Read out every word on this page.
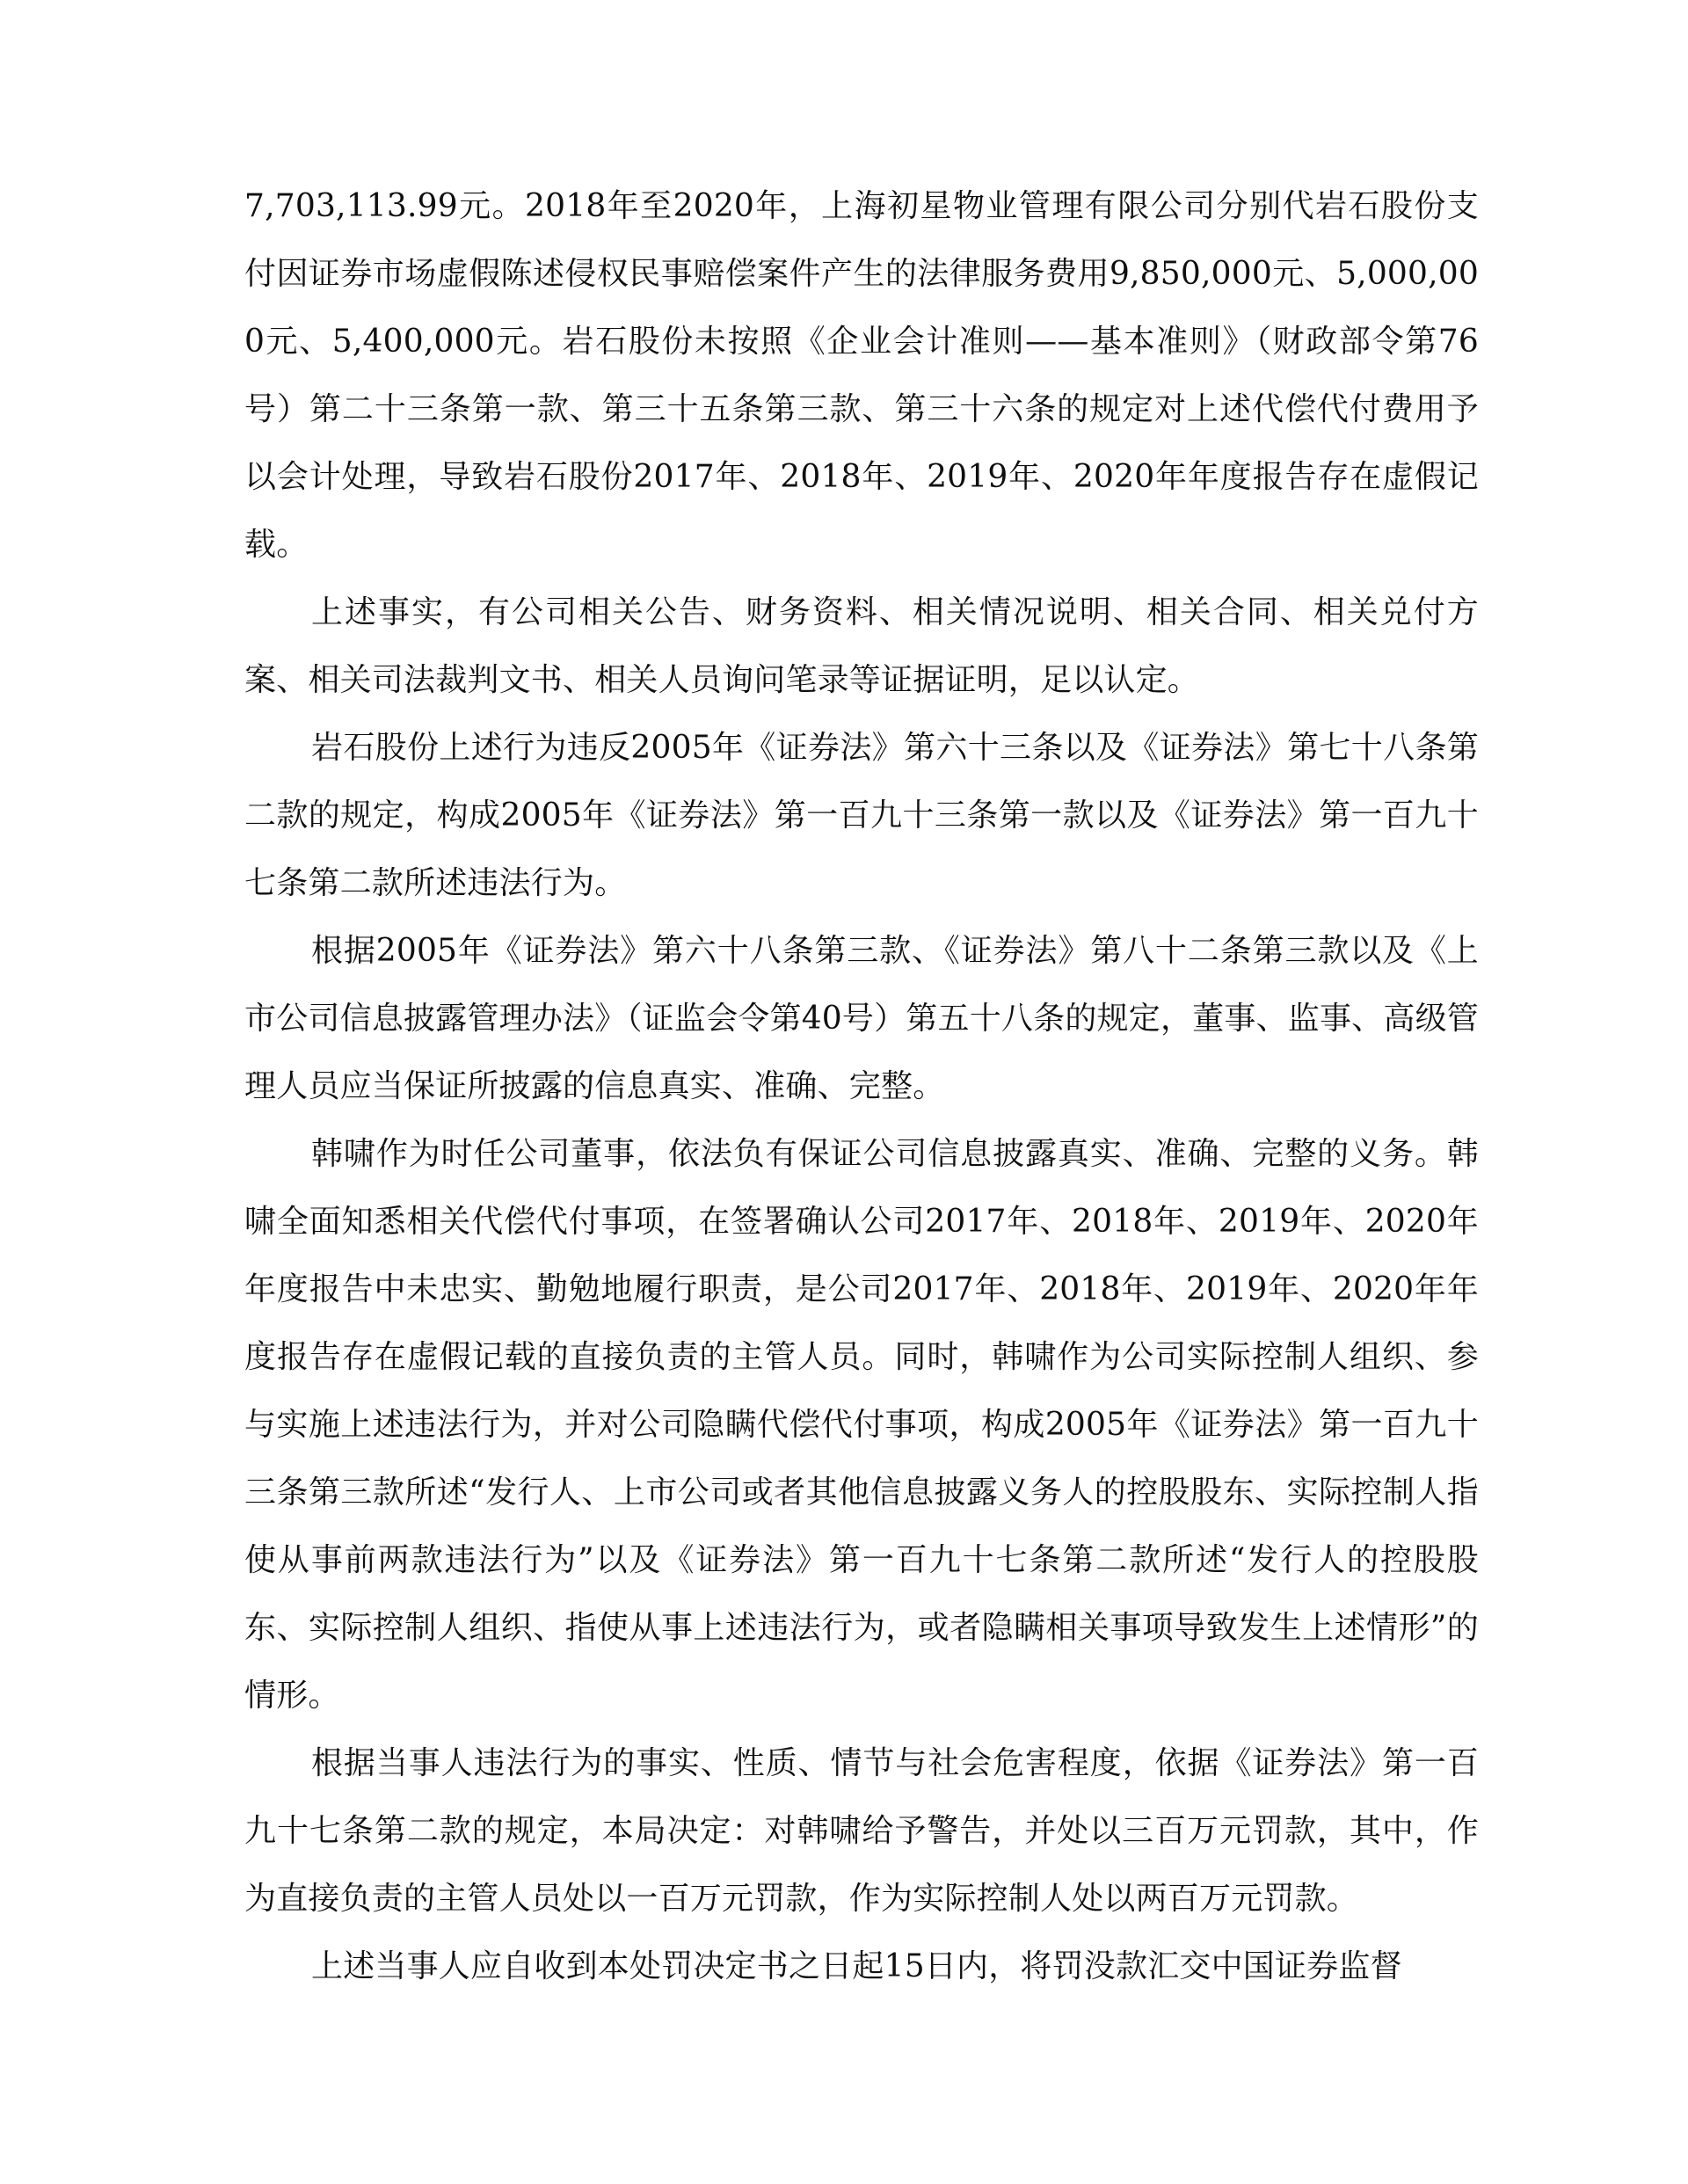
7,703,113.99元。2018年至2020年，上海初星物业管理有限公司分别代岩石股份支付因证券市场虚假陈述侵权民事赔偿案件产生的法律服务费用9,850,000元、5,000,000元、5,400,000元。岩石股份未按照《企业会计准则——基本准则》（财政部令第76号）第二十三条第一款、第三十五条第三款、第三十六条的规定对上述代偿代付费用予以会计处理，导致岩石股份2017年、2018年、2019年、2020年年度报告存在虚假记载。

上述事实，有公司相关公告、财务资料、相关情况说明、相关合同、相关兑付方案、相关司法裁判文书、相关人员询问笔录等证据证明，足以认定。

岩石股份上述行为违反2005年《证券法》第六十三条以及《证券法》第七十八条第二款的规定，构成2005年《证券法》第一百九十三条第一款以及《证券法》第一百九十七条第二款所述违法行为。

根据2005年《证券法》第六十八条第三款、《证券法》第八十二条第三款以及《上市公司信息披露管理办法》（证监会令第40号）第五十八条的规定，董事、监事、高级管理人员应当保证所披露的信息真实、准确、完整。

韩啸作为时任公司董事，依法负有保证公司信息披露真实、准确、完整的义务。韩啸全面知悉相关代偿代付事项，在签署确认公司2017年、2018年、2019年、2020年年度报告中未忠实、勤勉地履行职责，是公司2017年、2018年、2019年、2020年年度报告存在虚假记载的直接负责的主管人员。同时，韩啸作为公司实际控制人组织、参与实施上述违法行为，并对公司隐瞒代偿代付事项，构成2005年《证券法》第一百九十三条第三款所述“发行人、上市公司或者其他信息披露义务人的控股股东、实际控制人指使从事前两款违法行为”以及《证券法》第一百九十七条第二款所述“发行人的控股股东、实际控制人组织、指使从事上述违法行为，或者隐瞒相关事项导致发生上述情形”的情形。

根据当事人违法行为的事实、性质、情节与社会危害程度，依据《证券法》第一百九十七条第二款的规定，本局决定：对韩啸给予警告，并处以三百万元罚款，其中，作为直接负责的主管人员处以一百万元罚款，作为实际控制人处以两百万元罚款。

上述当事人应自收到本处罚决定书之日起15日内，将罚没款汇交中国证券监督
